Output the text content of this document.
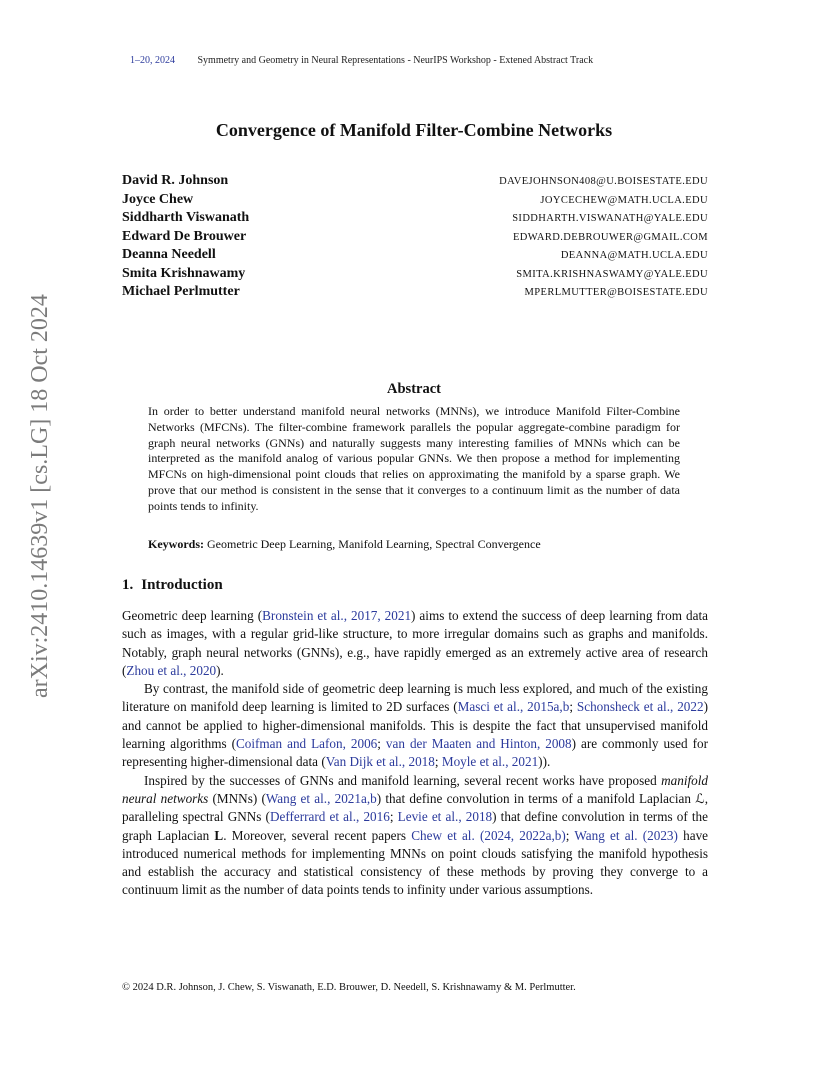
arXiv:2410.14639v1 [cs.LG] 18 Oct 2024
1–20, 2024 Symmetry and Geometry in Neural Representations - NeurIPS Workshop - Extened Abstract Track
Convergence of Manifold Filter-Combine Networks
David R. Johnson	DAVEJOHNSON408@U.BOISESTATE.EDU
Joyce Chew	JOYCECHEW@MATH.UCLA.EDU
Siddharth Viswanath	SIDDHARTH.VISWANATH@YALE.EDU
Edward De Brouwer	EDWARD.DEBROUWER@GMAIL.COM
Deanna Needell	DEANNA@MATH.UCLA.EDU
Smita Krishnawamy	SMITA.KRISHNASWAMY@YALE.EDU
Michael Perlmutter	MPERLMUTTER@BOISESTATE.EDU
Abstract
In order to better understand manifold neural networks (MNNs), we introduce Manifold Filter-Combine Networks (MFCNs). The filter-combine framework parallels the popular aggregate-combine paradigm for graph neural networks (GNNs) and naturally suggests many interesting families of MNNs which can be interpreted as the manifold analog of various popular GNNs. We then propose a method for implementing MFCNs on high-dimensional point clouds that relies on approximating the manifold by a sparse graph. We prove that our method is consistent in the sense that it converges to a continuum limit as the number of data points tends to infinity.
Keywords: Geometric Deep Learning, Manifold Learning, Spectral Convergence
1. Introduction

Geometric deep learning (Bronstein et al., 2017, 2021) aims to extend the success of deep learning from data such as images, with a regular grid-like structure, to more irregular domains such as graphs and manifolds. Notably, graph neural networks (GNNs), e.g., have rapidly emerged as an extremely active area of research (Zhou et al., 2020).

By contrast, the manifold side of geometric deep learning is much less explored, and much of the existing literature on manifold deep learning is limited to 2D surfaces (Masci et al., 2015a,b; Schonsheck et al., 2022) and cannot be applied to higher-dimensional manifolds. This is despite the fact that unsupervised manifold learning algorithms (Coifman and Lafon, 2006; van der Maaten and Hinton, 2008) are commonly used for representing higher-dimensional data (Van Dijk et al., 2018; Moyle et al., 2021)).

Inspired by the successes of GNNs and manifold learning, several recent works have proposed manifold neural networks (MNNs) (Wang et al., 2021a,b) that define convolution in terms of a manifold Laplacian ℒ, paralleling spectral GNNs (Defferrard et al., 2016; Levie et al., 2018) that define convolution in terms of the graph Laplacian L. Moreover, several recent papers Chew et al. (2024, 2022a,b); Wang et al. (2023) have introduced numerical methods for implementing MNNs on point clouds satisfying the manifold hypothesis and establish the accuracy and statistical consistency of these methods by proving they converge to a continuum limit as the number of data points tends to infinity under various assumptions.

© 2024 D.R. Johnson, J. Chew, S. Viswanath, E.D. Brouwer, D. Needell, S. Krishnawamy & M. Perlmutter.
